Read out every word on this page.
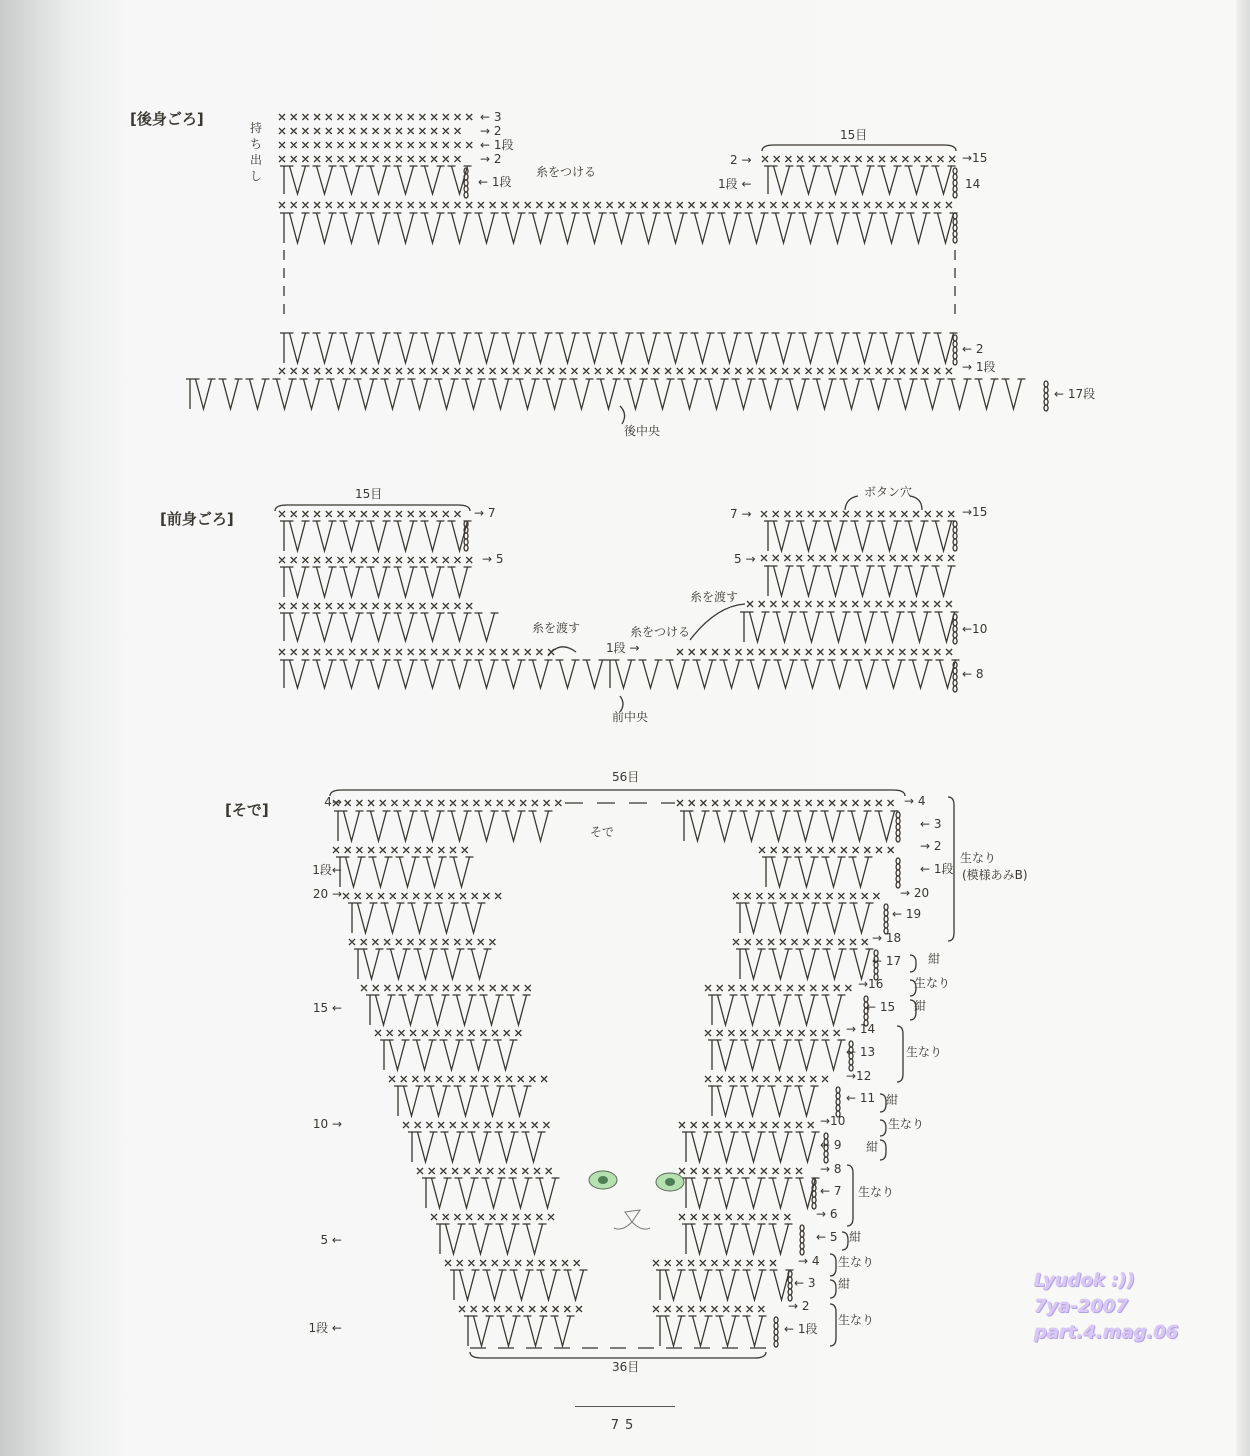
[後身ごろ]	持
ち
出
し
← 3
→ 2
← 1段
→ 2
← 1段
糸をつける
15目
2 →
1段 ←
→15
14
← 2
→ 1段
← 17段
後中央
[前身ごろ]
15目	ボタン穴
→ 7
→ 5
7 →
5 →
→15
←10
← 8
糸を渡す
糸を渡す
糸をつける
1段 →
前中央
[そで]
56目
そで
36目
4→
1段←
20 →
15 ←
10 →
5 ←
1段 ←
→ 4
← 3
→ 2
← 1段
→ 20
← 19
→ 18
← 17
→16
← 15
→ 14
← 13
→12
← 11
→10
← 9
→ 8
← 7
→ 6
← 5
→ 4
← 3
→ 2
← 1段
生なり
(模様あみB)
紺
生なり
紺
生なり
紺
生なり
紺
生なり
紺
生なり
紺
生なり
75
Lyudok :))
7ya-2007
part.4.mag.06
